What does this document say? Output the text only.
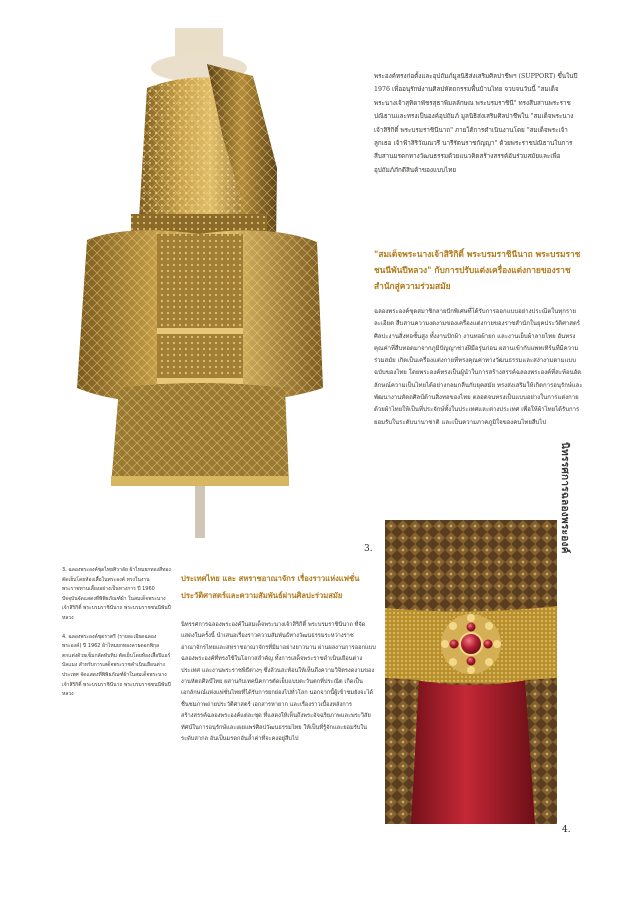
พระองค์ทรงก่อตั้งและอุปถัมภ์มูลนิธิส่งเสริมศิลปาชีพฯ (SUPPORT) ขึ้นในปี 1976 เพื่ออนุรักษ์งานศิลปหัตถกรรมพื้นบ้านไทย จวบจนวันนี้ "สมเด็จพระนางเจ้าสุทิดาพัชรสุธาพิมลลักษณ พระบรมราชินี" ทรงสืบสานพระราชปณิธานและทรงเป็นองค์อุปถัมภ์ มูลนิธิส่งเสริมศิลปาชีพใน "สมเด็จพระนางเจ้าสิริกิติ์ พระบรมราชินีนาถ" ภายใต้การดำเนินงานโดย "สมเด็จพระเจ้าลูกเธอ เจ้าฟ้าสิริวัณณวรี นารีรัตนราชกัญญา" ด้วยพระราชปณิธานในการสืบสานมรดกทางวัฒนธรรมด้วยแนวคิดสร้างสรรค์อันร่วมสมัยและเพื่ออุปถัมภ์ภักดีสินค้าของแบบไทย
"สมเด็จพระนางเจ้าสิริกิติ์ พระบรมราชินีนาถ พระบรมราชชนนีพันปีหลวง" กับการปรับแต่งเครื่องแต่งกายของราชสำนักสู่ความร่วมสมัย
ฉลองพระองค์ชุดสมาชิกลายปักพิเศษที่ได้รับการออกแบบอย่างประณีตในทุกรายละเอียด สืบสานความงดงามของเครื่องแต่งกายของราชสำนักในยุคประวัติศาสตร์ ศิลปะงานสิ่งทอชั้นสูง ทั้งงานปักผ้า งานทอผ้ายก และงานเย็บผ้าลายไทย อันทรงคุณค่าที่สืบทอดมาจากภูมิปัญญาช่างฝีมือรุ่นก่อน ผสานเข้ากับแพทเทิร์นที่มีความร่วมสมัย เกิดเป็นเครื่องแต่งกายที่ทรงคุณค่าทางวัฒนธรรมและสง่างามตามแบบฉบับของไทย โดยพระองค์ทรงเป็นผู้นำในการสร้างสรรค์ฉลองพระองค์ที่สะท้อนอัตลักษณ์ความเป็นไทยได้อย่างกลมกลืนกับยุคสมัย ทรงส่งเสริมให้เกิดการอนุรักษ์และพัฒนางานหัตถศิลป์ด้านสิ่งทอของไทย ตลอดจนทรงเป็นแบบอย่างในการแต่งกายด้วยผ้าไทยให้เป็นที่ประจักษ์ทั้งในประเทศและต่างประเทศ เพื่อให้ผ้าไทยได้รับการยอมรับในระดับนานาชาติ และเป็นความภาคภูมิใจของคนไทยสืบไป
นิทรรศการฉลองพระองค์
3.

3. ฉลองพระองค์ชุดไทยศิวาลัย ผ้าไหมยกทองสีทอง ตัดเย็บโดยห้องเสื้อในพระองค์ ทรงในงานพระราชทานเลี้ยงอย่างเป็นทางการ ปี 1960 ปัจจุบันจัดแสดงที่พิพิธภัณฑ์ผ้า ในสมเด็จพระนางเจ้าสิริกิติ์ พระบรมราชินีนาถ พระบรมราชชนนีพันปีหลวง

4. ฉลองพระองค์ชุดราตรี (รายละเอียดฉลองพระองค์) ปี 1962 ผ้าไหมยกทองลายดอกพิกุล ตกแต่งด้วยเข็มกลัดทับทิม ตัดเย็บโดยห้องเสื้อปิแอร์ บัลแมง สำหรับการเสด็จพระราชดำเนินเยือนต่างประเทศ จัดแสดงที่พิพิธภัณฑ์ผ้าในสมเด็จพระนางเจ้าสิริกิติ์ พระบรมราชินีนาถ พระบรมราชชนนีพันปีหลวง

ประเทศไทย และ สหราชอาณาจักร เรื่องราวแห่งแฟชั่น ประวัติศาสตร์และความสัมพันธ์ผ่านศิลปะร่วมสมัย
นิทรรศการฉลองพระองค์ในสมเด็จพระนางเจ้าสิริกิติ์ พระบรมราชินีนาถ ที่จัดแสดงในครั้งนี้ นำเสนอเรื่องราวความสัมพันธ์ทางวัฒนธรรมระหว่างราชอาณาจักรไทยและสหราชอาณาจักรที่มีมาอย่างยาวนาน ผ่านผลงานการออกแบบฉลองพระองค์ที่ทรงใช้ในโอกาสสำคัญ ทั้งการเสด็จพระราชดำเนินเยือนต่างประเทศ และงานพระราชพิธีต่างๆ ซึ่งล้วนสะท้อนให้เห็นถึงความวิจิตรงดงามของงานหัตถศิลป์ไทย ผสานกับเทคนิคการตัดเย็บแบบตะวันตกที่ประณีต เกิดเป็นเอกลักษณ์แห่งแฟชั่นไทยที่ได้รับการยกย่องไปทั่วโลก นอกจากนี้ผู้เข้าชมยังจะได้ชื่นชมภาพถ่ายประวัติศาสตร์ เอกสารหายาก และเรื่องราวเบื้องหลังการสร้างสรรค์ฉลองพระองค์แต่ละชุด ที่แสดงให้เห็นถึงพระอัจฉริยภาพและพระวิสัยทัศน์ในการอนุรักษ์และเผยแพร่ศิลปวัฒนธรรมไทย ให้เป็นที่รู้จักและยอมรับในระดับสากล อันเป็นมรดกอันล้ำค่าที่จะคงอยู่สืบไป
4.
